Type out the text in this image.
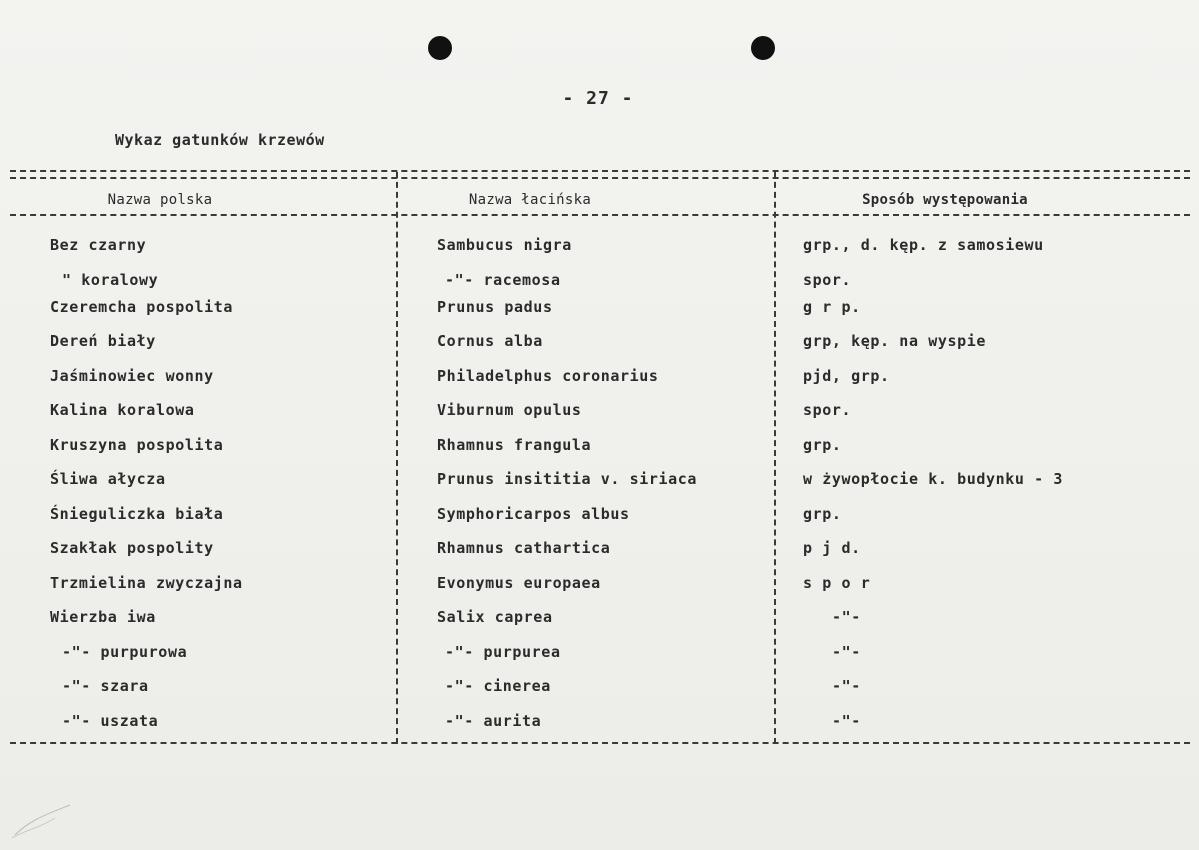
- 27 -
Wykaz gatunków krzewów
Nazwa polska	Nazwa łacińska	Sposób występowania
Bez czarny	Sambucus nigra	grp., d. kęp. z samosiewu
" koralowy	-"- racemosa	spor.
Czeremcha pospolita	Prunus padus	g r p.
Dereń biały	Cornus alba	grp, kęp. na wyspie
Jaśminowiec wonny	Philadelphus coronarius	pjd, grp.
Kalina koralowa	Viburnum opulus	spor.
Kruszyna pospolita	Rhamnus frangula	grp.
Śliwa ałycza	Prunus insititia v. siriaca	w żywopłocie k. budynku - 3
Śnieguliczka biała	Symphoricarpos albus	grp.
Szakłak pospolity	Rhamnus cathartica	p j d.
Trzmielina zwyczajna	Evonymus europaea	s p o r
Wierzba iwa	Salix caprea	-"-
-"- purpurowa	-"- purpurea	-"-
-"- szara	-"- cinerea	-"-
-"- uszata	-"- aurita	-"-
